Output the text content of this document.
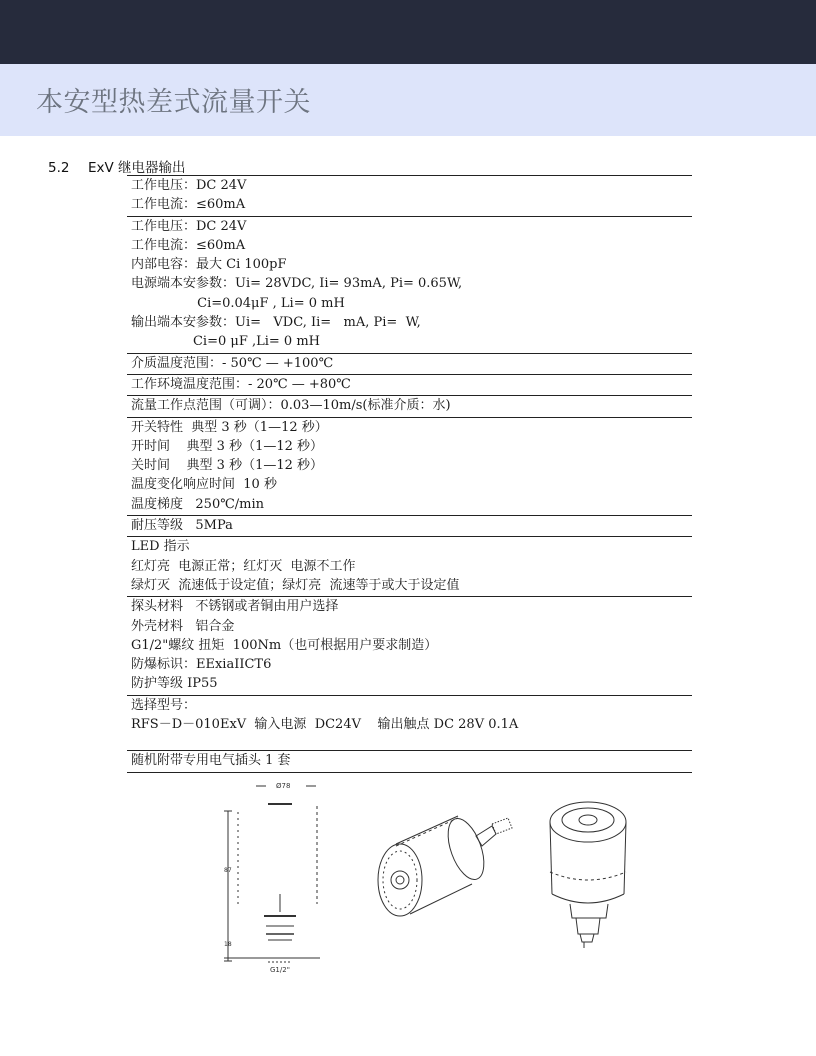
本安型热差式流量开关
5.2 ExV 继电器输出
工作电压：DC 24V
工作电流：≤60mA
工作电压：DC 24V
工作电流：≤60mA
内部电容：最大 Ci 100pF
电源端本安参数：Ui= 28VDC, Ii= 93mA, Pi= 0.65W,
Ci=0.04μF , Li= 0 mH
输出端本安参数：Ui=   VDC, Ii=   mA, Pi=  W,
Ci=0 μF ,Li= 0 mH
介质温度范围：- 50℃ — +100℃
工作环境温度范围：- 20℃ — +80℃
流量工作点范围（可调）：0.03—10m/s(标准介质：水)
开关特性  典型 3 秒（1—12 秒）
开时间    典型 3 秒（1—12 秒）
关时间    典型 3 秒（1—12 秒）
温度变化响应时间  10 秒
温度梯度   250℃/min
耐压等级   5MPa
LED 指示
红灯亮  电源正常；红灯灭  电源不工作
绿灯灭  流速低于设定值；绿灯亮  流速等于或大于设定值
探头材料   不锈钢或者铜由用户选择
外壳材料   铝合金
G1/2"螺纹 扭矩  100Nm（也可根据用户要求制造）
防爆标识：EExiaIICT6
防护等级 IP55
选择型号：
RFS－D－010ExV  输入电源  DC24V    输出触点 DC 28V 0.1A
随机附带专用电气插头 1 套
Ø78
87
18
G1/2"
